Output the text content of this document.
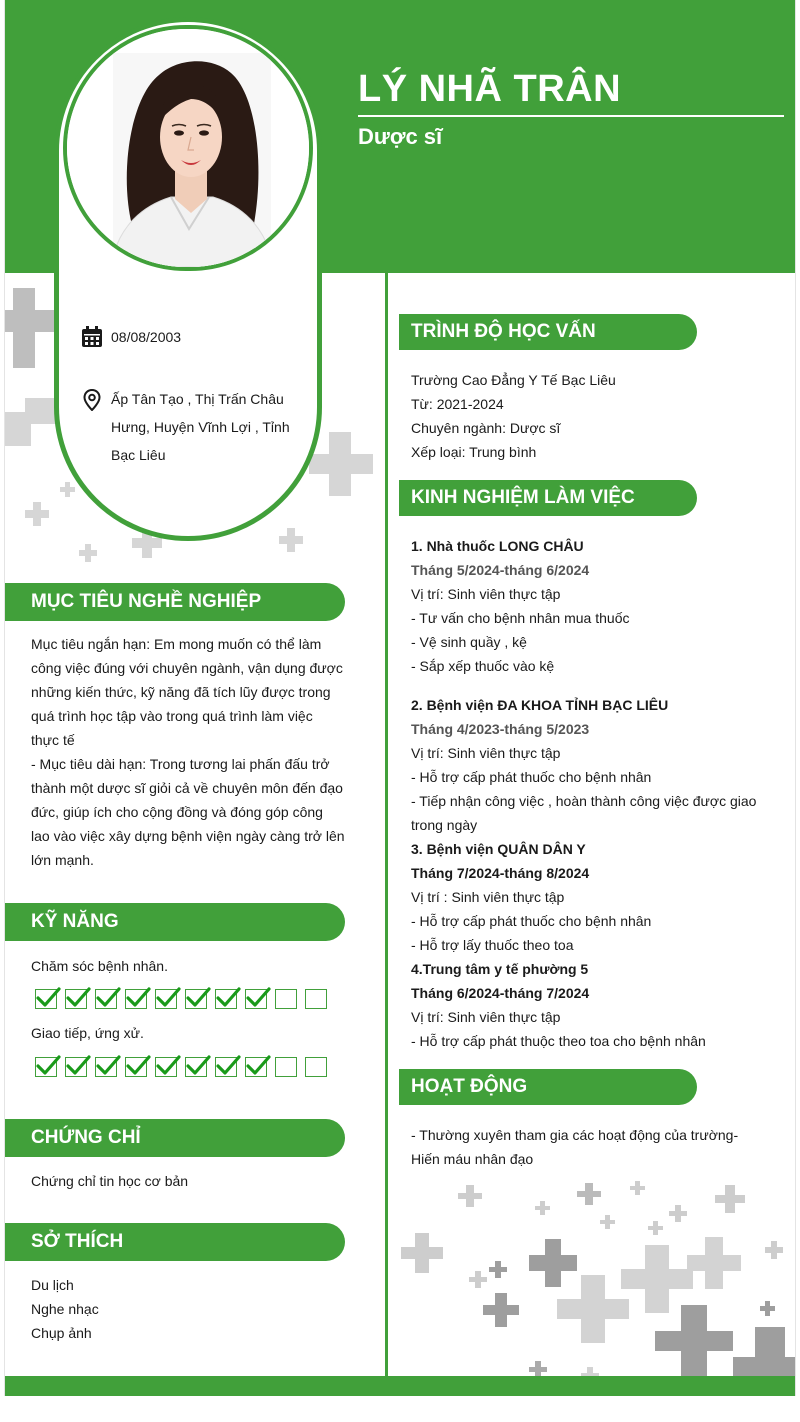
LÝ NHÃ TRÂN
Dược sĩ
08/08/2003
Ấp Tân Tạo , Thị Trấn Châu
Hưng, Huyện Vĩnh Lợi , Tỉnh
Bạc Liêu
MỤC TIÊU NGHỀ NGHIỆP
Mục tiêu ngắn hạn: Em mong muốn có thể làm
công việc đúng với chuyên ngành, vận dụng được
những kiến thức, kỹ năng đã tích lũy được trong
quá trình học tập vào trong quá trình làm việc
thực tế
- Mục tiêu dài hạn: Trong tương lai phấn đấu trở
thành một dược sĩ giỏi cả về chuyên môn đến đạo
đức, giúp ích cho cộng đồng và đóng góp công
lao vào việc xây dựng bệnh viện ngày càng trở lên
lớn mạnh.
KỸ NĂNG
Chăm sóc bệnh nhân.
Giao tiếp, ứng xử.
CHỨNG CHỈ
Chứng chỉ tin học cơ bản
SỞ THÍCH
Du lịch
Nghe nhạc
Chụp ảnh
TRÌNH ĐỘ HỌC VẤN
Trường Cao Đẳng Y Tế Bạc Liêu
Từ: 2021-2024
Chuyên ngành: Dược sĩ
Xếp loại: Trung bình
KINH NGHIỆM LÀM VIỆC
1. Nhà thuốc LONG CHÂU
Tháng 5/2024-tháng 6/2024
Vị trí: Sinh viên thực tập
- Tư vấn cho bệnh nhân mua thuốc
- Vệ sinh quầy , kệ
- Sắp xếp thuốc vào kệ
2. Bệnh viện ĐA KHOA TỈNH BẠC LIÊU
Tháng 4/2023-tháng 5/2023
Vị trí: Sinh viên thực tập
- Hỗ trợ cấp phát thuốc cho bệnh nhân
- Tiếp nhận công việc , hoàn thành công việc được giao
trong ngày
3. Bệnh viện QUÂN DÂN Y
Tháng 7/2024-tháng 8/2024
Vị trí : Sinh viên thực tập
- Hỗ trợ cấp phát thuốc cho bệnh nhân
- Hỗ trợ lấy thuốc theo toa
4.Trung tâm y tế phường 5
Tháng 6/2024-tháng 7/2024
Vị trí: Sinh viên thực tập
- Hỗ trợ cấp phát thuộc theo toa cho bệnh nhân
HOẠT ĐỘNG
- Thường xuyên tham gia các hoạt động của trường-
Hiến máu nhân đạo
